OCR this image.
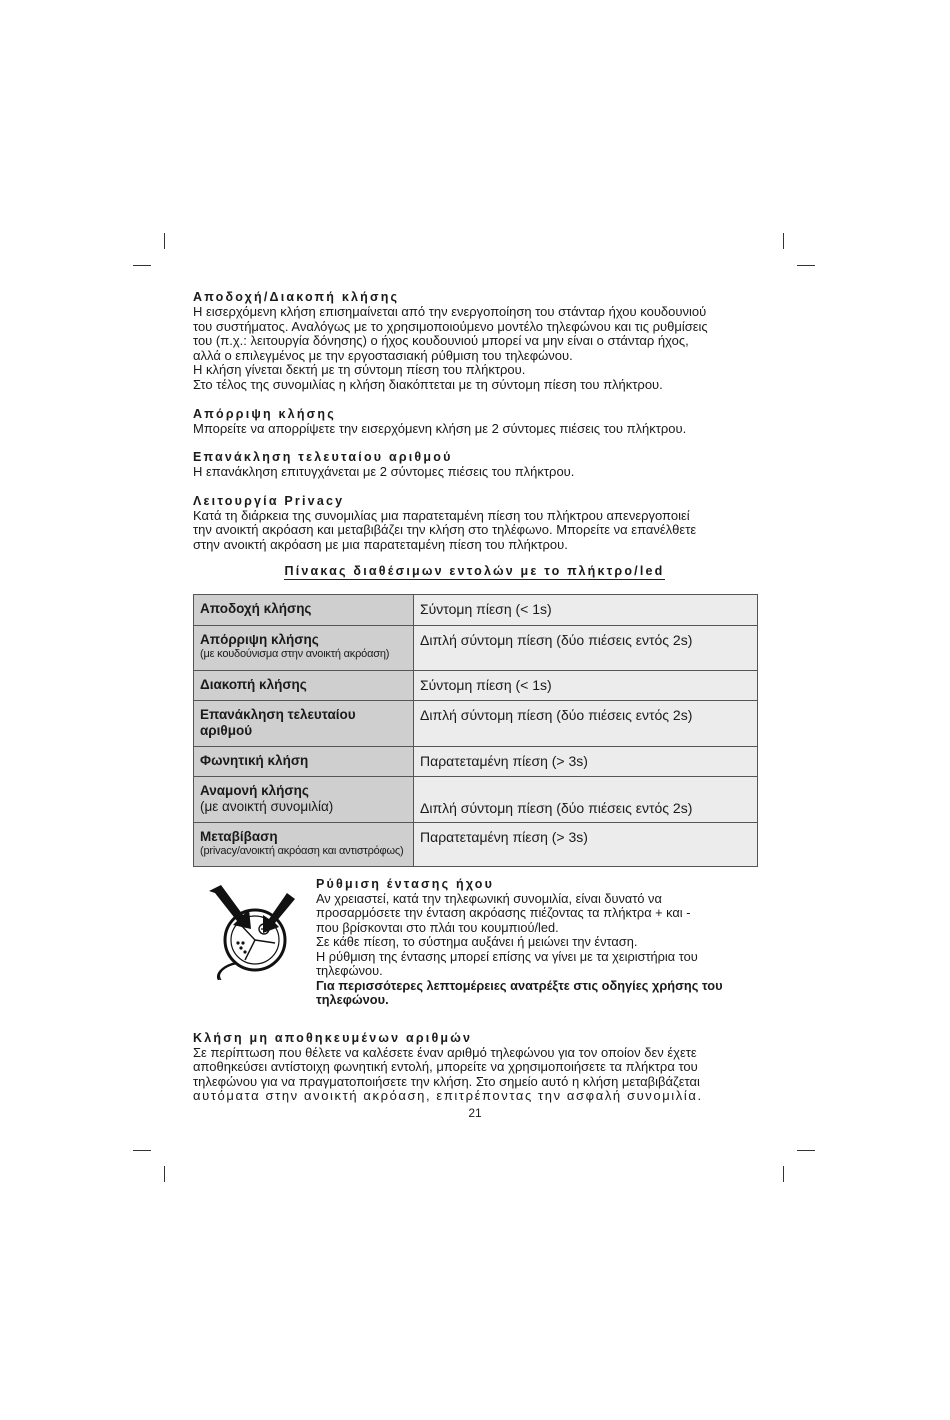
Αποδοχή/Διακοπή κλήσης

Η εισερχόμενη κλήση επισημαίνεται από την ενεργοποίηση του στάνταρ ήχου κουδουνιού

του συστήματος. Αναλόγως με το χρησιμοποιούμενο μοντέλο τηλεφώνου και τις ρυθμίσεις

του (π.χ.: λειτουργία δόνησης) ο ήχος κουδουνιού μπορεί να μην είναι ο στάνταρ ήχος,

αλλά ο επιλεγμένος με την εργοστασιακή ρύθμιση του τηλεφώνου.

Η κλήση γίνεται δεκτή με τη σύντομη πίεση του πλήκτρου.

Στο τέλος της συνομιλίας η κλήση διακόπτεται με τη σύντομη πίεση του πλήκτρου.

Απόρριψη κλήσης

Μπορείτε να απορρίψετε την εισερχόμενη κλήση με 2 σύντομες πιέσεις του πλήκτρου.

Επανάκληση τελευταίου αριθμού

Η επανάκληση επιτυγχάνεται με 2 σύντομες πιέσεις του πλήκτρου.

Λειτουργία Privacy

Κατά τη διάρκεια της συνομιλίας μια παρατεταμένη πίεση του πλήκτρου απενεργοποιεί

την ανοικτή ακρόαση και μεταβιβάζει την κλήση στο τηλέφωνο. Μπορείτε να επανέλθετε

στην ανοικτή ακρόαση με μια παρατεταμένη πίεση του πλήκτρου.

Πίνακας διαθέσιμων εντολών με το πλήκτρο/led
Αποδοχή κλήσης	Σύντομη πίεση (< 1s)

Απόρριψη κλήσης
(με κουδούνισμα στην ανοικτή ακρόαση)	Διπλή σύντομη πίεση (δύο πιέσεις εντός 2s)

Διακοπή κλήσης	Σύντομη πίεση (< 1s)

Επανάκληση τελευταίου αριθμού	Διπλή σύντομη πίεση (δύο πιέσεις εντός 2s)

Φωνητική κλήση	Παρατεταμένη πίεση (> 3s)

Αναμονή κλήσης
(με ανοικτή συνομιλία)	Διπλή σύντομη πίεση (δύο πιέσεις εντός 2s)

Μεταβίβαση
(privacy/ανοικτή ακρόαση και αντιστρόφως)	Παρατεταμένη πίεση (> 3s)
Ρύθμιση έντασης ήχου

Αν χρειαστεί, κατά την τηλεφωνική συνομιλία, είναι δυνατό να

προσαρμόσετε την ένταση ακρόασης πιέζοντας τα πλήκτρα + και -

που βρίσκονται στο πλάι του κουμπιού/led.

Σε κάθε πίεση, το σύστημα αυξάνει ή μειώνει την ένταση.

Η ρύθμιση της έντασης μπορεί επίσης να γίνει με τα χειριστήρια του

τηλεφώνου.

Για περισσότερες λεπτομέρειες ανατρέξτε στις οδηγίες χρήσης του

τηλεφώνου.

Κλήση μη αποθηκευμένων αριθμών

Σε περίπτωση που θέλετε να καλέσετε έναν αριθμό τηλεφώνου για τον οποίον δεν έχετε

αποθηκεύσει αντίστοιχη φωνητική εντολή, μπορείτε να χρησιμοποιήσετε τα πλήκτρα του

τηλεφώνου για να πραγματοποιήσετε την κλήση. Στο σημείο αυτό η κλήση μεταβιβάζεται

αυτόματα στην ανοικτή ακρόαση, επιτρέποντας την ασφαλή συνομιλία.

21
